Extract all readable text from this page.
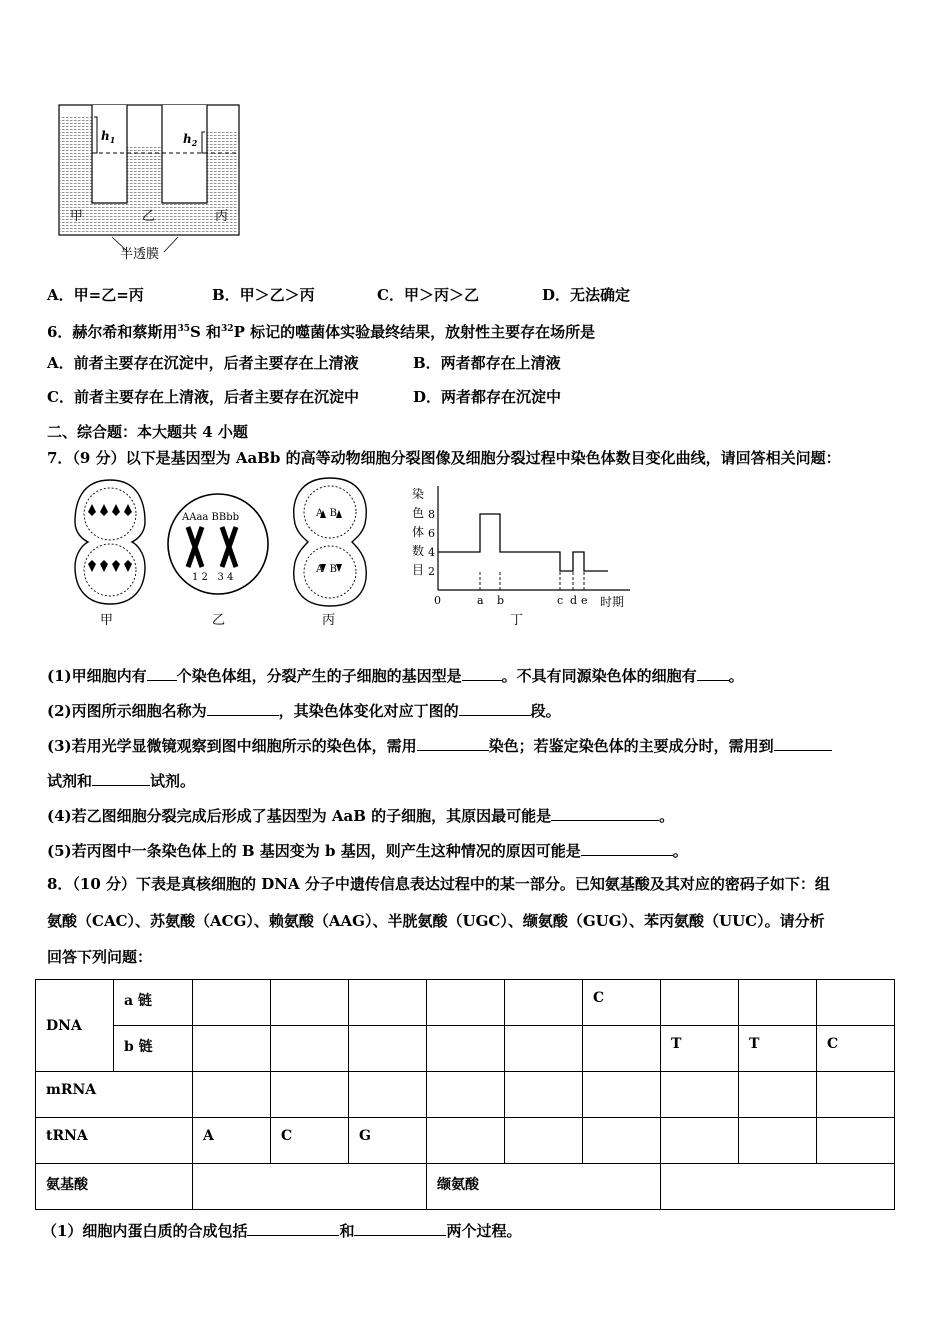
$h_1$	$h_2$
甲	乙	丙
半透膜
A．甲=乙=丙	B．甲＞乙＞丙	C．甲＞丙＞乙	D．无法确定
6．赫尔希和蔡斯用$^{35}$S 和$^{32}$P 标记的噬菌体实验最终结果，放射性主要存在场所是
A．前者主要存在沉淀中，后者主要存在上清液	B．两者都存在上清液
C．前者主要存在上清液，后者主要存在沉淀中	D．两者都存在沉淀中
二、综合题：本大题共 4 小题
7．（9 分）以下是基因型为 AaBb 的高等动物细胞分裂图像及细胞分裂过程中染色体数目变化曲线，请回答相关问题：
甲
AAaa BBbb
1 2   3 4
乙
A  B
A  B
丙
染
色
体
数
目
8
6
4
2
a b	c d e
0	时期
丁
(1)甲细胞内有 个染色体组，分裂产生的子细胞的基因型是	。不具有同源染色体的细胞有 。
(2)丙图所示细胞名称为	，其染色体变化对应丁图的	段。
(3)若用光学显微镜观察到图中细胞所示的染色体，需用	染色；若鉴定染色体的主要成分时，需用到
试剂和	试剂。
(4)若乙图细胞分裂完成后形成了基因型为 AaB 的子细胞，其原因最可能是	。
(5)若丙图中一条染色体上的 B 基因变为 b 基因，则产生这种情况的原因可能是	。
8．（10 分）下表是真核细胞的 DNA 分子中遗传信息表达过程中的某一部分。已知氨基酸及其对应的密码子如下：组
氨酸（CAC）、苏氨酸（ACG）、赖氨酸（AAG）、半胱氨酸（UGC）、缬氨酸（GUG）、苯丙氨酸（UUC）。请分析
回答下列问题：
DNA	a 链						C			
	b 链							T	T	C
mRNA										
tRNA		A	C	G						
氨基酸					缬氨酸					
（1）细胞内蛋白质的合成包括	和	两个过程。
